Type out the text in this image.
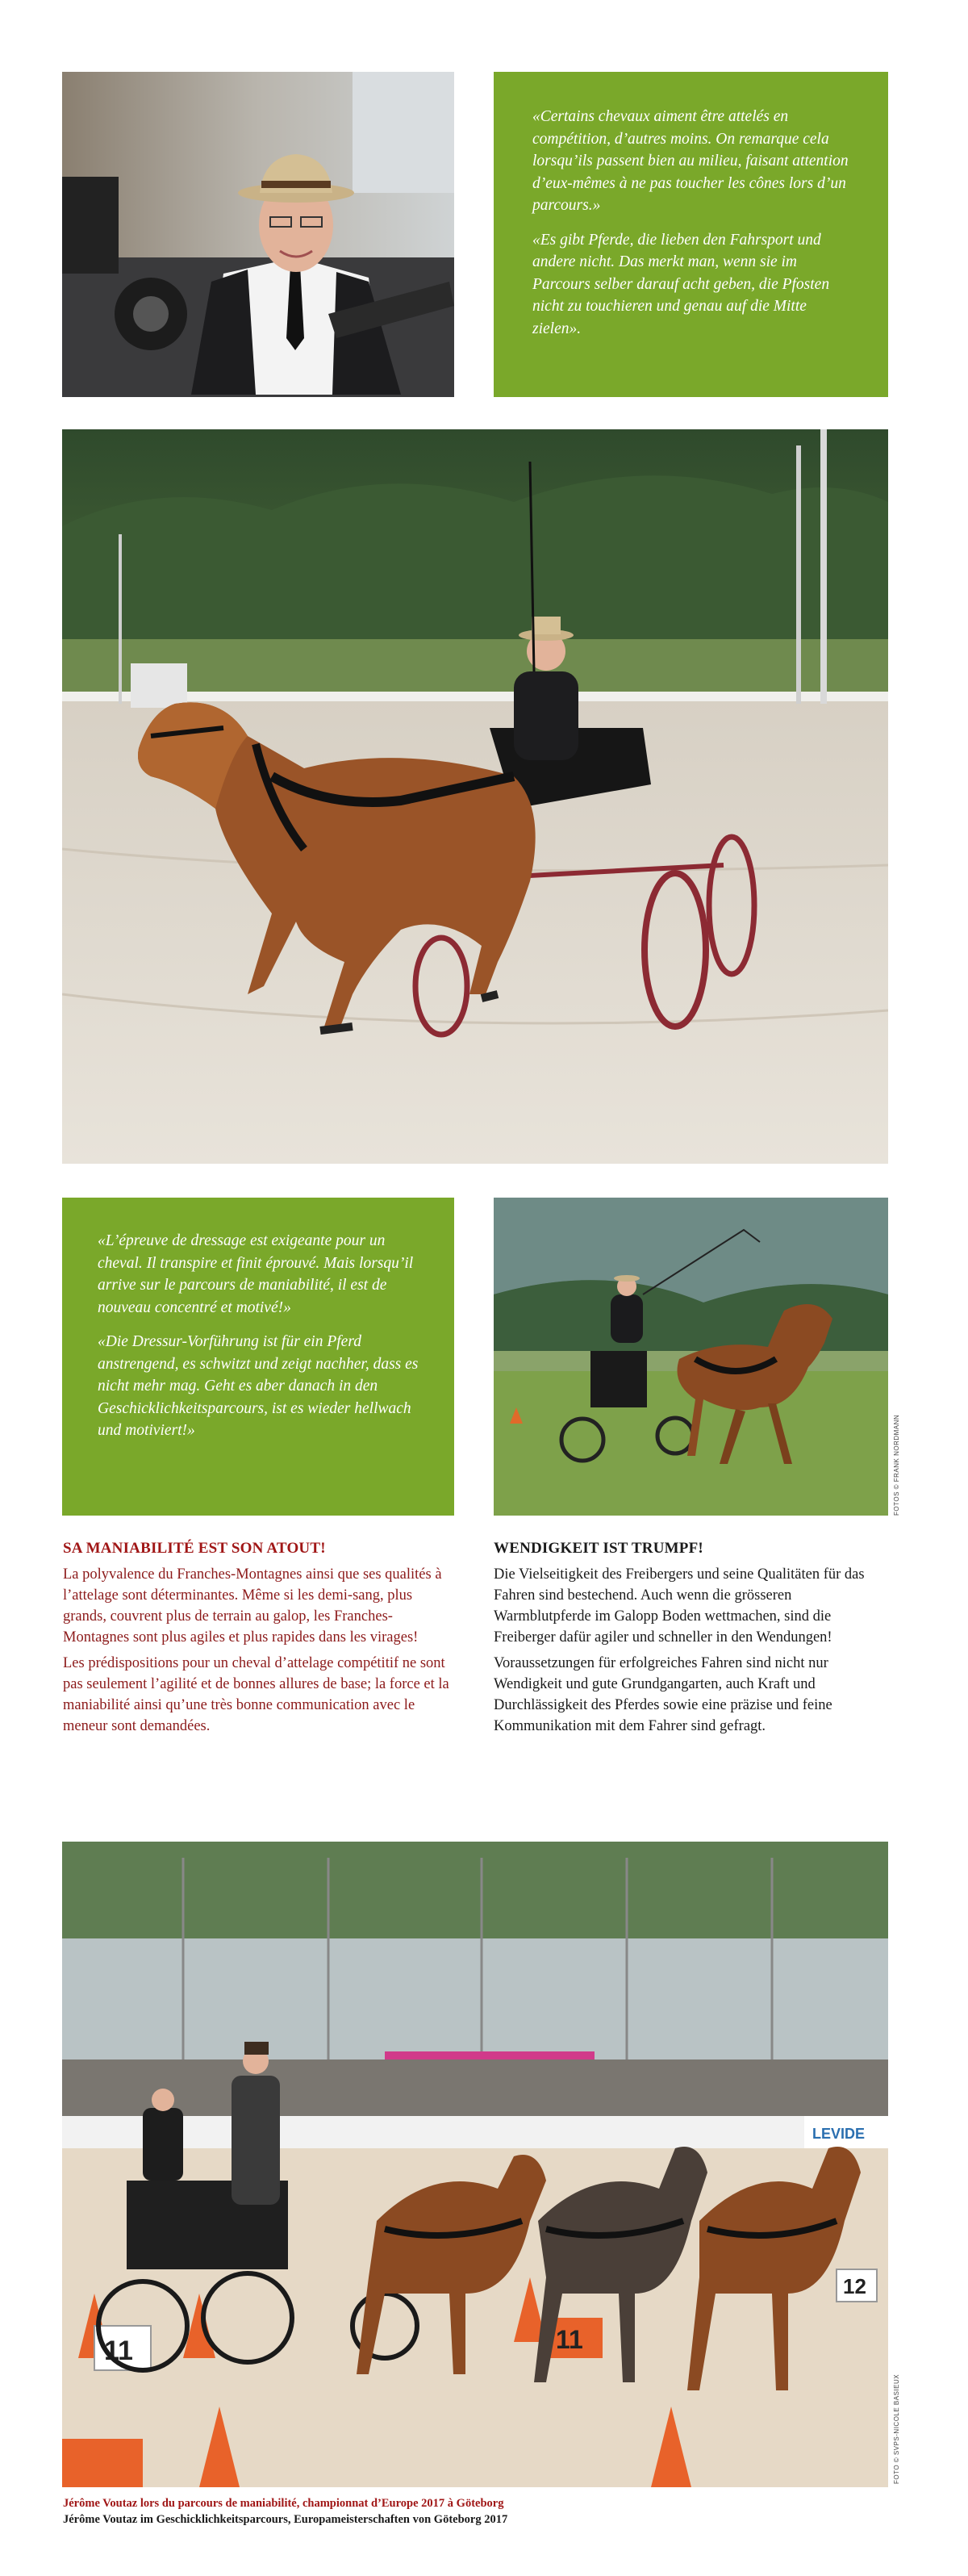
«Certains chevaux aiment être attelés en compétition, d’autres moins. On remarque cela lorsqu’ils passent bien au milieu, faisant attention d’eux-mêmes à ne pas toucher les cônes lors d’un parcours.»

«Es gibt Pferde, die lieben den Fahrsport und andere nicht. Das merkt man, wenn sie im Parcours selber darauf acht geben, die Pfosten nicht zu touchieren und genau auf die Mitte zielen».

«L’épreuve de dressage est exigeante pour un cheval. Il transpire et finit éprouvé. Mais lorsqu’il arrive sur le parcours de maniabilité, il est de nouveau concentré et motivé!»

«Die Dressur-Vorführung ist für ein Pferd anstrengend, es schwitzt und zeigt nachher, dass es nicht mehr mag. Geht es aber danach in den Geschicklichkeitsparcours, ist es wieder hellwach und motiviert!»	FOTOS © FRANK NORDMANN
SA MANIABILITÉ EST SON ATOUT!

La polyvalence du Franches-Montagnes ainsi que ses qualités à l’attelage sont déterminantes. Même si les demi-sang, plus grands, couvrent plus de terrain au galop, les Franches-Montagnes sont plus agiles et plus rapides dans les virages!

Les prédispositions pour un cheval d’attelage compétitif ne sont pas seulement l’agilité et de bonnes allures de base; la force et la maniabilité ainsi qu’une très bonne communication avec le meneur sont demandées.

WENDIGKEIT IST TRUMPF!

Die Vielseitigkeit des Freibergers und seine Qualitäten für das Fahren sind bestechend. Auch wenn die grösseren Warmblutpferde im Galopp Boden wettmachen, sind die Freiberger dafür agiler und schneller in den Wendungen!

Voraussetzungen für erfolgreiches Fahren sind nicht nur Wendigkeit und gute Grundgangarten, auch Kraft und Durchlässigkeit des Pferdes sowie eine präzise und feine Kommunikation mit dem Fahrer sind gefragt.

LEVIDE
11	11
12
FOTO © SVPS-NICOLE BASIEUX
Jérôme Voutaz lors du parcours de maniabilité, championnat d’Europe 2017 à Göteborg
Jérôme Voutaz im Geschicklichkeitsparcours, Europameisterschaften von Göteborg 2017
